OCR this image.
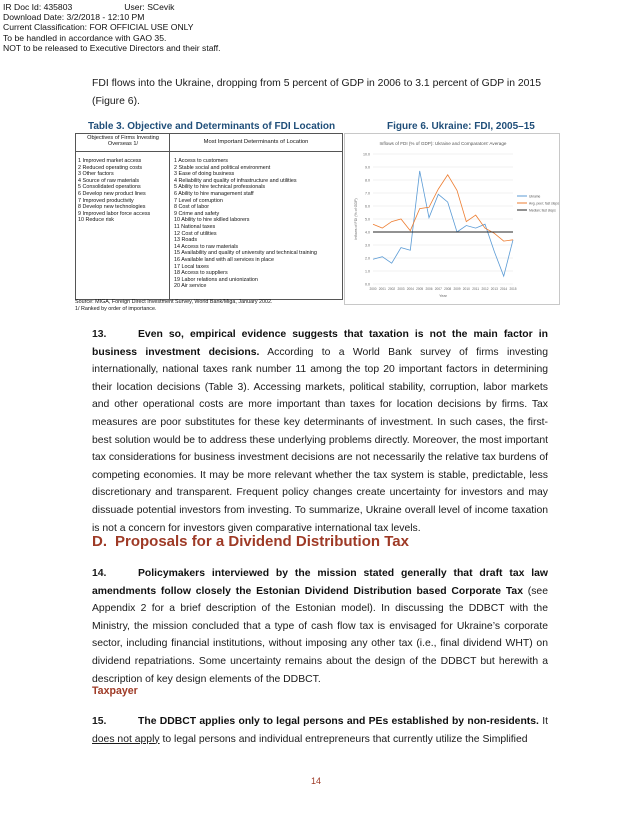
IR Doc Id: 435803	User: SCevik
Download Date: 3/2/2018 - 12:10 PM
Current Classification: FOR OFFICIAL USE ONLY
To be handled in accordance with GAO 35.
NOT to be released to Executive Directors and their staff.
FDI flows into the Ukraine, dropping from 5 percent of GDP in 2006 to 3.1 percent of GDP in 2015 (Figure 6).
Table 3. Objective and Determinants of FDI Location
Objectives of Firms Investing Overseas 1/	Most Important Determinants of Location
1 Improved market access
2 Reduced operating costs
3 Other factors
4 Source of raw materials
5 Consolidated operations
6 Develop new product lines
7 Improved productivity
8 Develop new technologies
9 Improved labor force access
10 Reduce risk
1 Access to customers
2 Stable social and political environment
3 Ease of doing business
4 Reliability and quality of infrastructure and utilities
5 Ability to hire technical professionals
6 Ability to hire management staff
7 Level of corruption
8 Cost of labor
9 Crime and safety
10 Ability to hire skilled laborers
11 National taxes
12 Cost of utilities
13 Roads
14 Access to raw materials
15 Availability and quality of university and technical training
16 Available land with all services in place
17 Local taxes
18 Access to suppliers
19 Labor relations and unionization
20 Air service
Source: MIGA, Foreign Direct Investment Survey, World Bank/Miga, January 2002.
1/ Ranked by order of importance.
Figure 6. Ukraine: FDI, 2005–15
Inflows of FDI (% of GDP): Ukraine and Comparators' Average
0.0
1.0
2.0
3.0
4.0
5.0
6.0
7.0
8.0
9.0
10.0
2000 2001 2002 2003 2004 2005 2006 2007 2008 2009 2010 2011 2012 2013 2014 2015
Year
Inflows of FDI (% of GDP)
Ukraine
Avg. peer; fast steps
Median; fast steps
13.	Even so, empirical evidence suggests that taxation is not the main factor in business investment decisions. According to a World Bank survey of firms investing internationally, national taxes rank number 11 among the top 20 important factors in determining their location decisions (Table 3). Accessing markets, political stability, corruption, labor markets and other operational costs are more important than taxes for location decisions by firms. Tax measures are poor substitutes for these key determinants of investment. In such cases, the first-best solution would be to address these underlying problems directly. Moreover, the most important tax considerations for business investment decisions are not necessarily the relative tax burdens of competing economies. It may be more relevant whether the tax system is stable, predictable, less discretionary and transparent. Frequent policy changes create uncertainty for investors and may dissuade potential investors from investing. To summarize, Ukraine overall level of income taxation is not a concern for investors given comparative international tax levels.
D. Proposals for a Dividend Distribution Tax
14.	Policymakers interviewed by the mission stated generally that draft tax law amendments follow closely the Estonian Dividend Distribution based Corporate Tax (see Appendix 2 for a brief description of the Estonian model). In discussing the DDBCT with the Ministry, the mission concluded that a type of cash flow tax is envisaged for Ukraine’s corporate sector, including financial institutions, without imposing any other tax (i.e., final dividend WHT) on dividend repatriations. Some uncertainty remains about the design of the DDBCT but herewith a description of key design elements of the DDBCT.
Taxpayer
15.	The DDBCT applies only to legal persons and PEs established by non-residents. It does not apply to legal persons and individual entrepreneurs that currently utilize the Simplified
14
